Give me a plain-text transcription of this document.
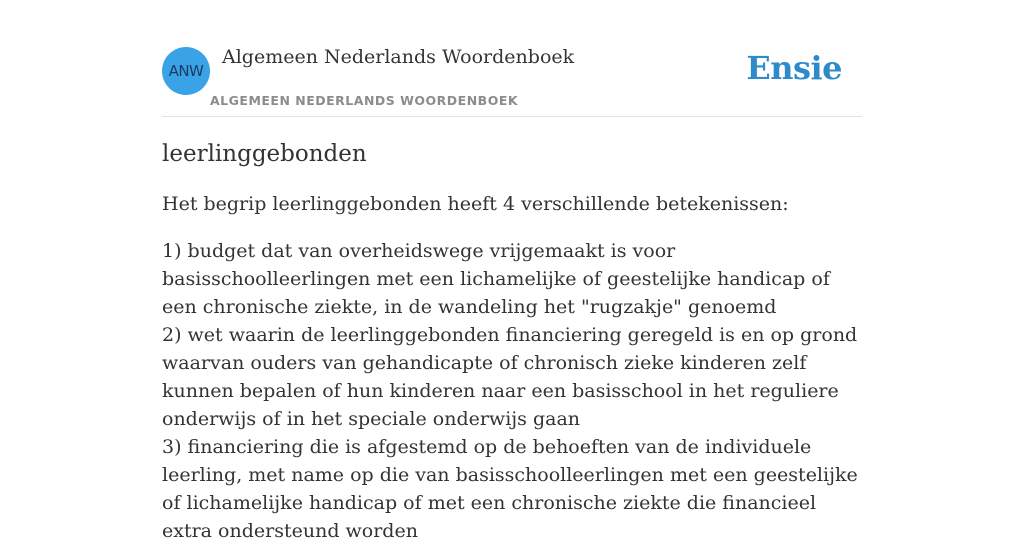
ANW
Algemeen Nederlands Woordenboek
ALGEMEEN NEDERLANDS WOORDENBOEK
Ensie
leerlinggebonden

Het begrip leerlinggebonden heeft 4 verschillende betekenissen:

1) budget dat van overheidswege vrijgemaakt is voor basisschoolleerlingen met een lichamelijke of geestelijke handicap of een chronische ziekte, in de wandeling het "rugzakje" genoemd

2) wet waarin de leerlinggebonden financiering geregeld is en op grond waarvan ouders van gehandicapte of chronisch zieke kinderen zelf kunnen bepalen of hun kinderen naar een basisschool in het reguliere onderwijs of in het speciale onderwijs gaan

3) financiering die is afgestemd op de behoeften van de individuele leerling, met name op die van basisschoolleerlingen met een geestelijke of lichamelijke handicap of met een chronische ziekte die financieel extra ondersteund worden
